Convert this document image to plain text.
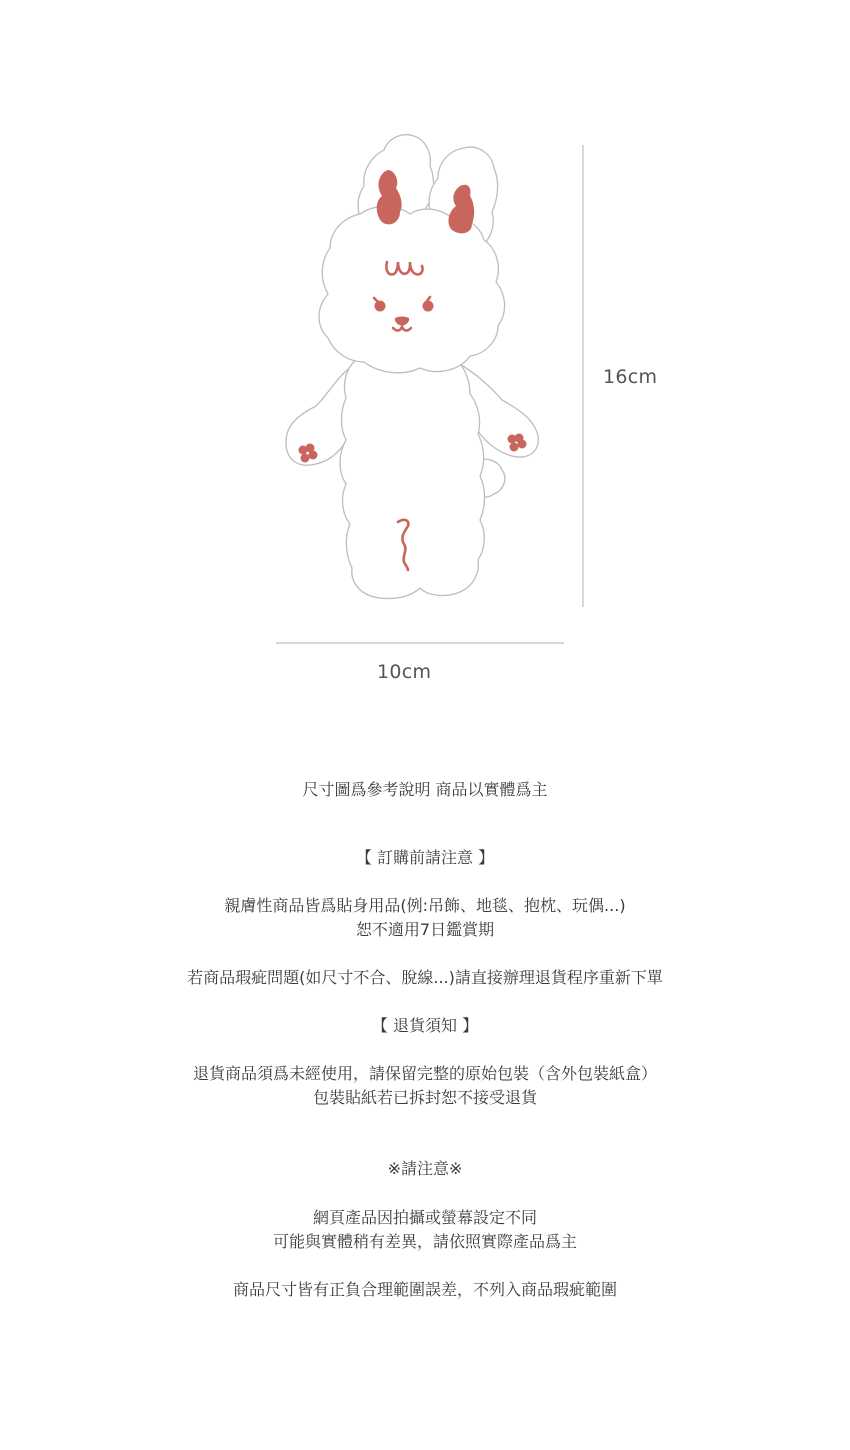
16cm
10cm
尺寸圖爲參考說明 商品以實體爲主
【 訂購前請注意 】
親膚性商品皆爲貼身用品(例:吊飾、地毯、抱枕、玩偶...)
恕不適用7日鑑賞期
若商品瑕疵問題(如尺寸不合、脫線...)請直接辦理退貨程序重新下單
【 退貨須知 】
退貨商品須爲未經使用，請保留完整的原始包裝（含外包裝紙盒）
包裝貼紙若已拆封恕不接受退貨
※請注意※
網頁產品因拍攝或螢幕設定不同
可能與實體稍有差異，請依照實際產品爲主
商品尺寸皆有正負合理範圍誤差，不列入商品瑕疵範圍
